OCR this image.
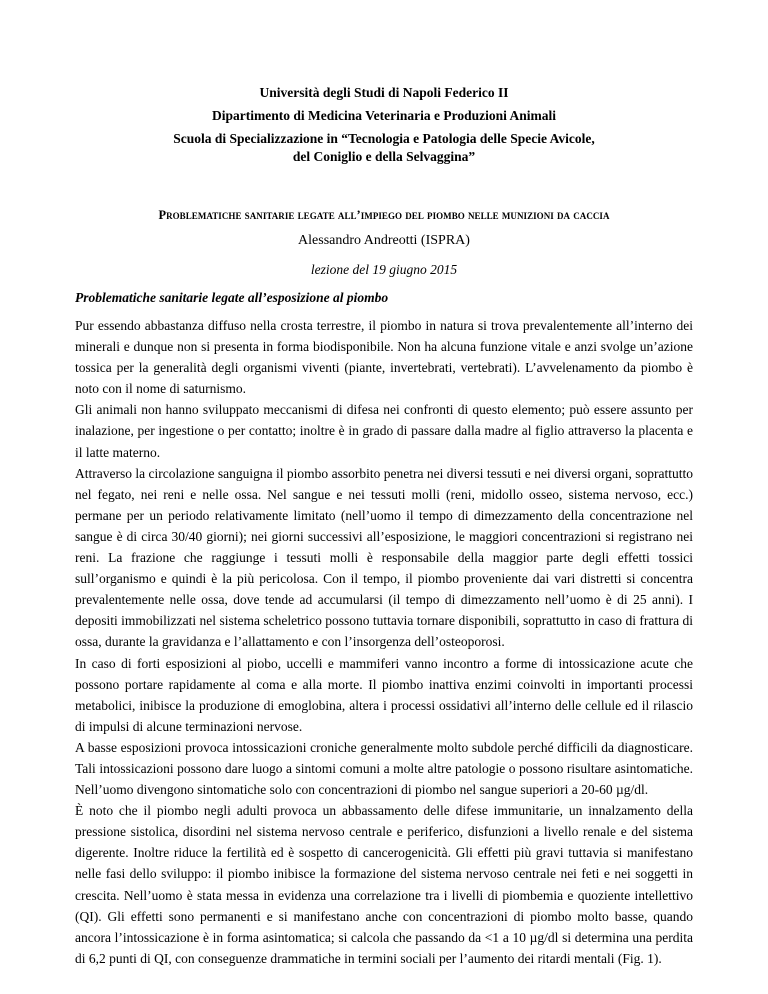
Università degli Studi di Napoli Federico II
Dipartimento di Medicina Veterinaria e Produzioni Animali
Scuola di Specializzazione in “Tecnologia e Patologia delle Specie Avicole,
del Coniglio e della Selvaggina”
Problematiche sanitarie legate all’impiego del piombo nelle munizioni da caccia
Alessandro Andreotti (ISPRA)
lezione del 19 giugno 2015
Problematiche sanitarie legate all’esposizione al piombo

Pur essendo abbastanza diffuso nella crosta terrestre, il piombo in natura si trova prevalentemente all’interno dei minerali e dunque non si presenta in forma biodisponibile. Non ha alcuna funzione vitale e anzi svolge un’azione tossica per la generalità degli organismi viventi (piante, invertebrati, vertebrati). L’avvelenamento da piombo è noto con il nome di saturnismo.

Gli animali non hanno sviluppato meccanismi di difesa nei confronti di questo elemento; può essere assunto per inalazione, per ingestione o per contatto; inoltre è in grado di passare dalla madre al figlio attraverso la placenta e il latte materno.

Attraverso la circolazione sanguigna il piombo assorbito penetra nei diversi tessuti e nei diversi organi, soprattutto nel fegato, nei reni e nelle ossa. Nel sangue e nei tessuti molli (reni, midollo osseo, sistema nervoso, ecc.) permane per un periodo relativamente limitato (nell’uomo il tempo di dimezzamento della concentrazione nel sangue è di circa 30/40 giorni); nei giorni successivi all’esposizione, le maggiori concentrazioni si registrano nei reni. La frazione che raggiunge i tessuti molli è responsabile della maggior parte degli effetti tossici sull’organismo e quindi è la più pericolosa. Con il tempo, il piombo proveniente dai vari distretti si concentra prevalentemente nelle ossa, dove tende ad accumularsi (il tempo di dimezzamento nell’uomo è di 25 anni). I depositi immobilizzati nel sistema scheletrico possono tuttavia tornare disponibili, soprattutto in caso di frattura di ossa, durante la gravidanza e l’allattamento e con l’insorgenza dell’osteoporosi.

In caso di forti esposizioni al piobo, uccelli e mammiferi vanno incontro a forme di intossicazione acute che possono portare rapidamente al coma e alla morte. Il piombo inattiva enzimi coinvolti in importanti processi metabolici, inibisce la produzione di emoglobina, altera i processi ossidativi all’interno delle cellule ed il rilascio di impulsi di alcune terminazioni nervose.

A basse esposizioni provoca intossicazioni croniche generalmente molto subdole perché difficili da diagnosticare. Tali intossicazioni possono dare luogo a sintomi comuni a molte altre patologie o possono risultare asintomatiche. Nell’uomo divengono sintomatiche solo con concentrazioni di piombo nel sangue superiori a 20-60 µg/dl.

È noto che il piombo negli adulti provoca un abbassamento delle difese immunitarie, un innalzamento della pressione sistolica, disordini nel sistema nervoso centrale e periferico, disfunzioni a livello renale e del sistema digerente. Inoltre riduce la fertilità ed è sospetto di cancerogenicità. Gli effetti più gravi tuttavia si manifestano nelle fasi dello sviluppo: il piombo inibisce la formazione del sistema nervoso centrale nei feti e nei soggetti in crescita. Nell’uomo è stata messa in evidenza una correlazione tra i livelli di piombemia e quoziente intellettivo (QI). Gli effetti sono permanenti e si manifestano anche con concentrazioni di piombo molto basse, quando ancora l’intossicazione è in forma asintomatica; si calcola che passando da <1 a 10 µg/dl si determina una perdita di 6,2 punti di QI, con conseguenze drammatiche in termini sociali per l’aumento dei ritardi mentali (Fig. 1).
